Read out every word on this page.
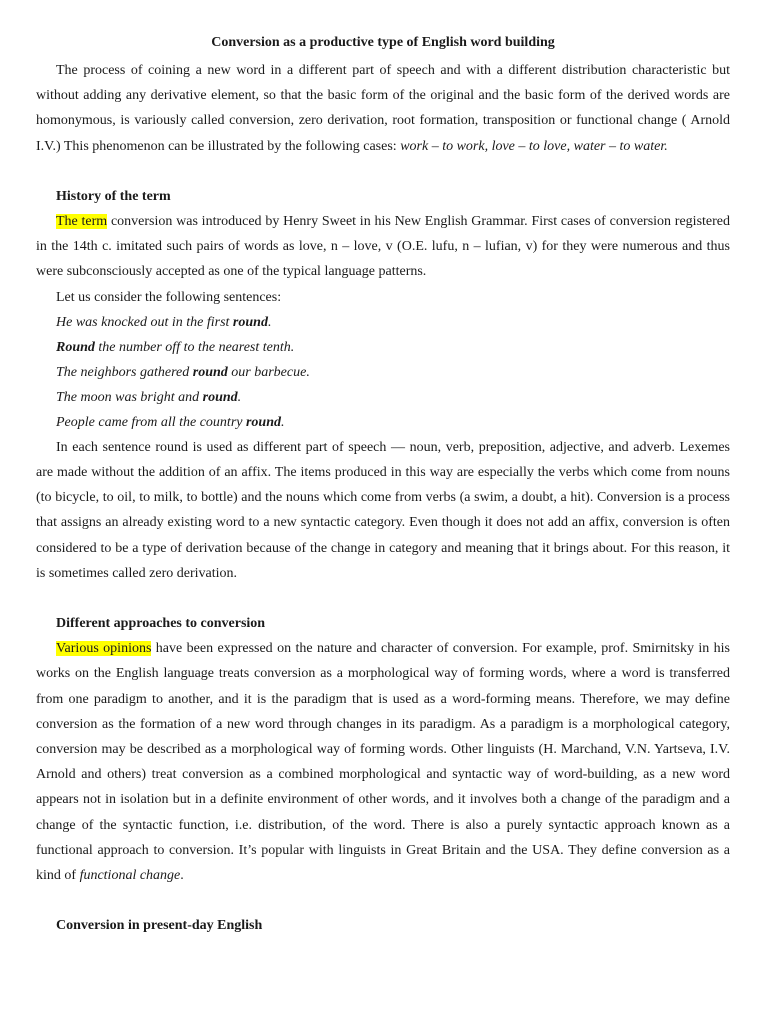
Conversion as a productive type of English word building

The process of coining a new word in a different part of speech and with a different distribution characteristic but without adding any derivative element, so that the basic form of the original and the basic form of the derived words are homonymous, is variously called conversion, zero derivation, root formation, transposition or functional change ( Arnold I.V.) This phenomenon can be illustrated by the following cases: work – to work, love – to love, water – to water.

History of the term

The term conversion was introduced by Henry Sweet in his New English Grammar. First cases of conversion registered in the 14th c. imitated such pairs of words as love, n – love, v (O.E. lufu, n – lufian, v) for they were numerous and thus were subconsciously accepted as one of the typical language patterns.

Let us consider the following sentences:

He was knocked out in the first round.
Round the number off to the nearest tenth.
The neighbors gathered round our barbecue.
The moon was bright and round.
People came from all the country round.

In each sentence round is used as different part of speech — noun, verb, preposition, adjective, and adverb. Lexemes are made without the addition of an affix. The items produced in this way are especially the verbs which come from nouns (to bicycle, to oil, to milk, to bottle) and the nouns which come from verbs (a swim, a doubt, a hit). Conversion is a process that assigns an already existing word to a new syntactic category. Even though it does not add an affix, conversion is often considered to be a type of derivation because of the change in category and meaning that it brings about. For this reason, it is sometimes called zero derivation.

Different approaches to conversion

Various opinions have been expressed on the nature and character of conversion. For example, prof. Smirnitsky in his works on the English language treats conversion as a morphological way of forming words, where a word is transferred from one paradigm to another, and it is the paradigm that is used as a word-forming means. Therefore, we may define conversion as the formation of a new word through changes in its paradigm. As a paradigm is a morphological category, conversion may be described as a morphological way of forming words. Other linguists (H. Marchand, V.N. Yartseva, I.V. Arnold and others) treat conversion as a combined morphological and syntactic way of word-building, as a new word appears not in isolation but in a definite environment of other words, and it involves both a change of the paradigm and a change of the syntactic function, i.e. distribution, of the word. There is also a purely syntactic approach known as a functional approach to conversion. It’s popular with linguists in Great Britain and the USA. They define conversion as a kind of functional change.

Conversion in present-day English
